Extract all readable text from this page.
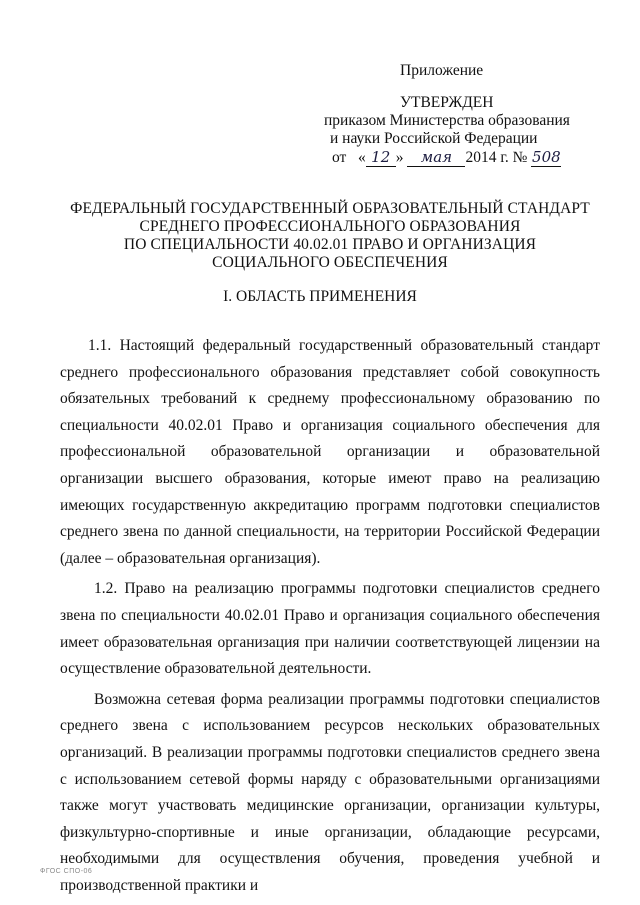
Приложение
УТВЕРЖДЕН
приказом Министерства образования
и науки Российской Федерации
от « 12 » мая 2014 г. № 508
ФЕДЕРАЛЬНЫЙ ГОСУДАРСТВЕННЫЙ ОБРАЗОВАТЕЛЬНЫЙ СТАНДАРТ
СРЕДНЕГО ПРОФЕССИОНАЛЬНОГО ОБРАЗОВАНИЯ
ПО СПЕЦИАЛЬНОСТИ 40.02.01 ПРАВО И ОРГАНИЗАЦИЯ
СОЦИАЛЬНОГО ОБЕСПЕЧЕНИЯ
I. ОБЛАСТЬ ПРИМЕНЕНИЯ

1.1. Настоящий федеральный государственный образовательный стандарт среднего профессионального образования представляет собой совокупность обязательных требований к среднему профессиональному образованию по специальности 40.02.01 Право и организация социального обеспечения для профессиональной образовательной организации и образовательной организации высшего образования, которые имеют право на реализацию имеющих государственную аккредитацию программ подготовки специалистов среднего звена по данной специальности, на территории Российской Федерации (далее – образовательная организация).

1.2. Право на реализацию программы подготовки специалистов среднего звена по специальности 40.02.01 Право и организация социального обеспечения имеет образовательная организация при наличии соответствующей лицензии на осуществление образовательной деятельности.

Возможна сетевая форма реализации программы подготовки специалистов среднего звена с использованием ресурсов нескольких образовательных организаций. В реализации программы подготовки специалистов среднего звена с использованием сетевой формы наряду с образовательными организациями также могут участвовать медицинские организации, организации культуры, физкультурно-спортивные и иные организации, обладающие ресурсами, необходимыми для осуществления обучения, проведения учебной и производственной практики и

ФГОС СПО-06
